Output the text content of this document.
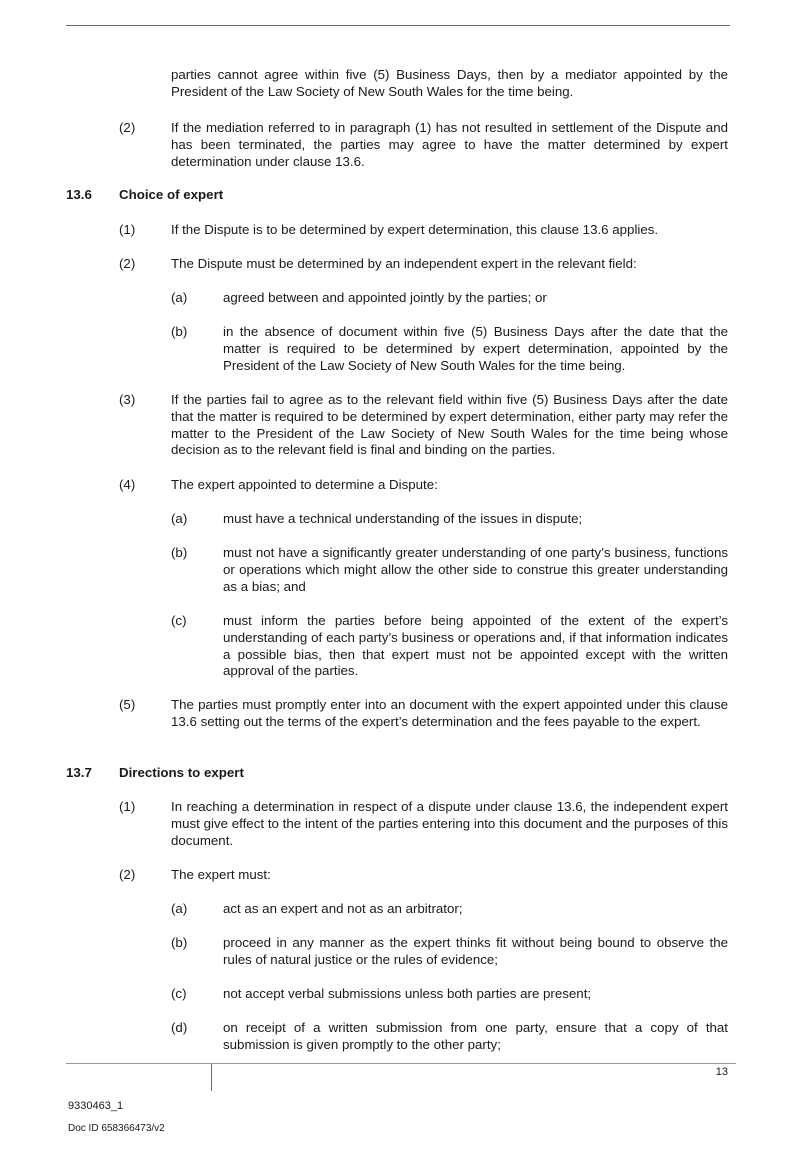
parties cannot agree within five (5) Business Days, then by a mediator appointed by the President of the Law Society of New South Wales for the time being.
(2)	If the mediation referred to in paragraph (1) has not resulted in settlement of the Dispute and has been terminated, the parties may agree to have the matter determined by expert determination under clause 13.6.
13.6 Choice of expert
(1)	If the Dispute is to be determined by expert determination, this clause 13.6 applies.
(2)	The Dispute must be determined by an independent expert in the relevant field:
(a)	agreed between and appointed jointly by the parties; or
(b)	in the absence of document within five (5) Business Days after the date that the matter is required to be determined by expert determination, appointed by the President of the Law Society of New South Wales for the time being.
(3)	If the parties fail to agree as to the relevant field within five (5) Business Days after the date that the matter is required to be determined by expert determination, either party may refer the matter to the President of the Law Society of New South Wales for the time being whose decision as to the relevant field is final and binding on the parties.
(4)	The expert appointed to determine a Dispute:
(a)	must have a technical understanding of the issues in dispute;
(b)	must not have a significantly greater understanding of one party’s business, functions or operations which might allow the other side to construe this greater understanding as a bias; and
(c)	must inform the parties before being appointed of the extent of the expert’s understanding of each party’s business or operations and, if that information indicates a possible bias, then that expert must not be appointed except with the written approval of the parties.
(5)	The parties must promptly enter into an document with the expert appointed under this clause 13.6 setting out the terms of the expert’s determination and the fees payable to the expert.
13.7 Directions to expert
(1)	In reaching a determination in respect of a dispute under clause 13.6, the independent expert must give effect to the intent of the parties entering into this document and the purposes of this document.
(2)	The expert must:
(a)	act as an expert and not as an arbitrator;
(b)	proceed in any manner as the expert thinks fit without being bound to observe the rules of natural justice or the rules of evidence;
(c)	not accept verbal submissions unless both parties are present;
(d)	on receipt of a written submission from one party, ensure that a copy of that submission is given promptly to the other party;
13
9330463_1
Doc ID 658366473/v2
